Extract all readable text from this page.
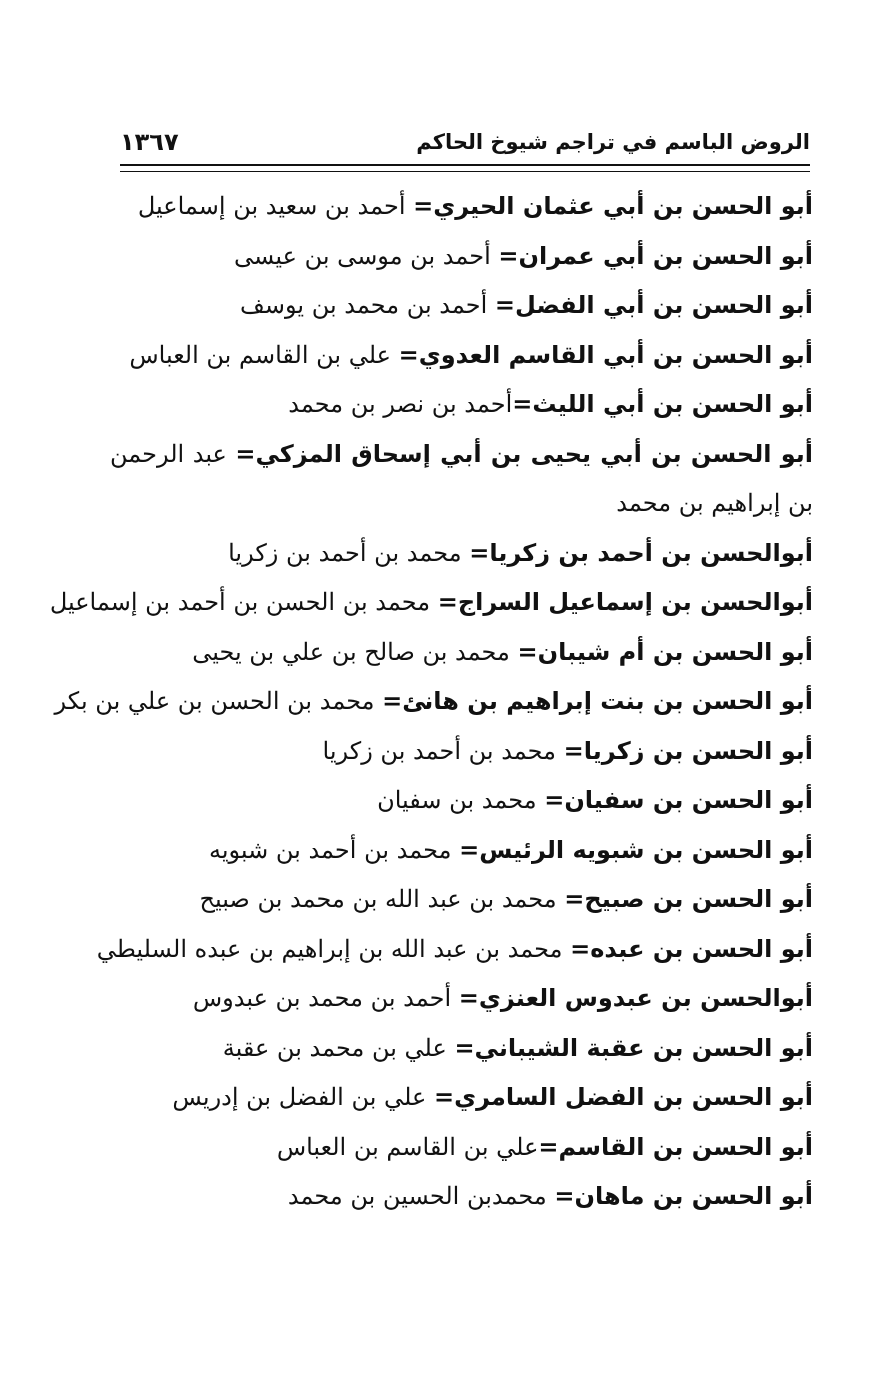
الروض الباسم في تراجم شيوخ الحاكم
١٣٦٧
أبو الحسن بن أبي عثمان الحيري= أحمد بن سعيد بن إسماعيل
أبو الحسن بن أبي عمران= أحمد بن موسى بن عيسى
أبو الحسن بن أبي الفضل= أحمد بن محمد بن يوسف
أبو الحسن بن أبي القاسم العدوي= علي بن القاسم بن العباس
أبو الحسن بن أبي الليث=أحمد بن نصر بن محمد
أبو الحسن بن أبي يحيى بن أبي إسحاق المزكي= عبد الرحمن بن إبراهيم بن محمد
أبوالحسن بن أحمد بن زكريا= محمد بن أحمد بن زكريا
أبوالحسن بن إسماعيل السراج= محمد بن الحسن بن أحمد بن إسماعيل
أبو الحسن بن أم شيبان= محمد بن صالح بن علي بن يحيى
أبو الحسن بن بنت إبراهيم بن هانئ= محمد بن الحسن بن علي بن بكر
أبو الحسن بن زكريا= محمد بن أحمد بن زكريا
أبو الحسن بن سفيان= محمد بن سفيان
أبو الحسن بن شبويه الرئيس= محمد بن أحمد بن شبويه
أبو الحسن بن صبيح= محمد بن عبد الله بن محمد بن صبيح
أبو الحسن بن عبده= محمد بن عبد الله بن إبراهيم بن عبده السليطي
أبوالحسن بن عبدوس العنزي= أحمد بن محمد بن عبدوس
أبو الحسن بن عقبة الشيباني= علي بن محمد بن عقبة
أبو الحسن بن الفضل السامري= علي بن الفضل بن إدريس
أبو الحسن بن القاسم=علي بن القاسم بن العباس
أبو الحسن بن ماهان= محمدبن الحسين بن محمد
